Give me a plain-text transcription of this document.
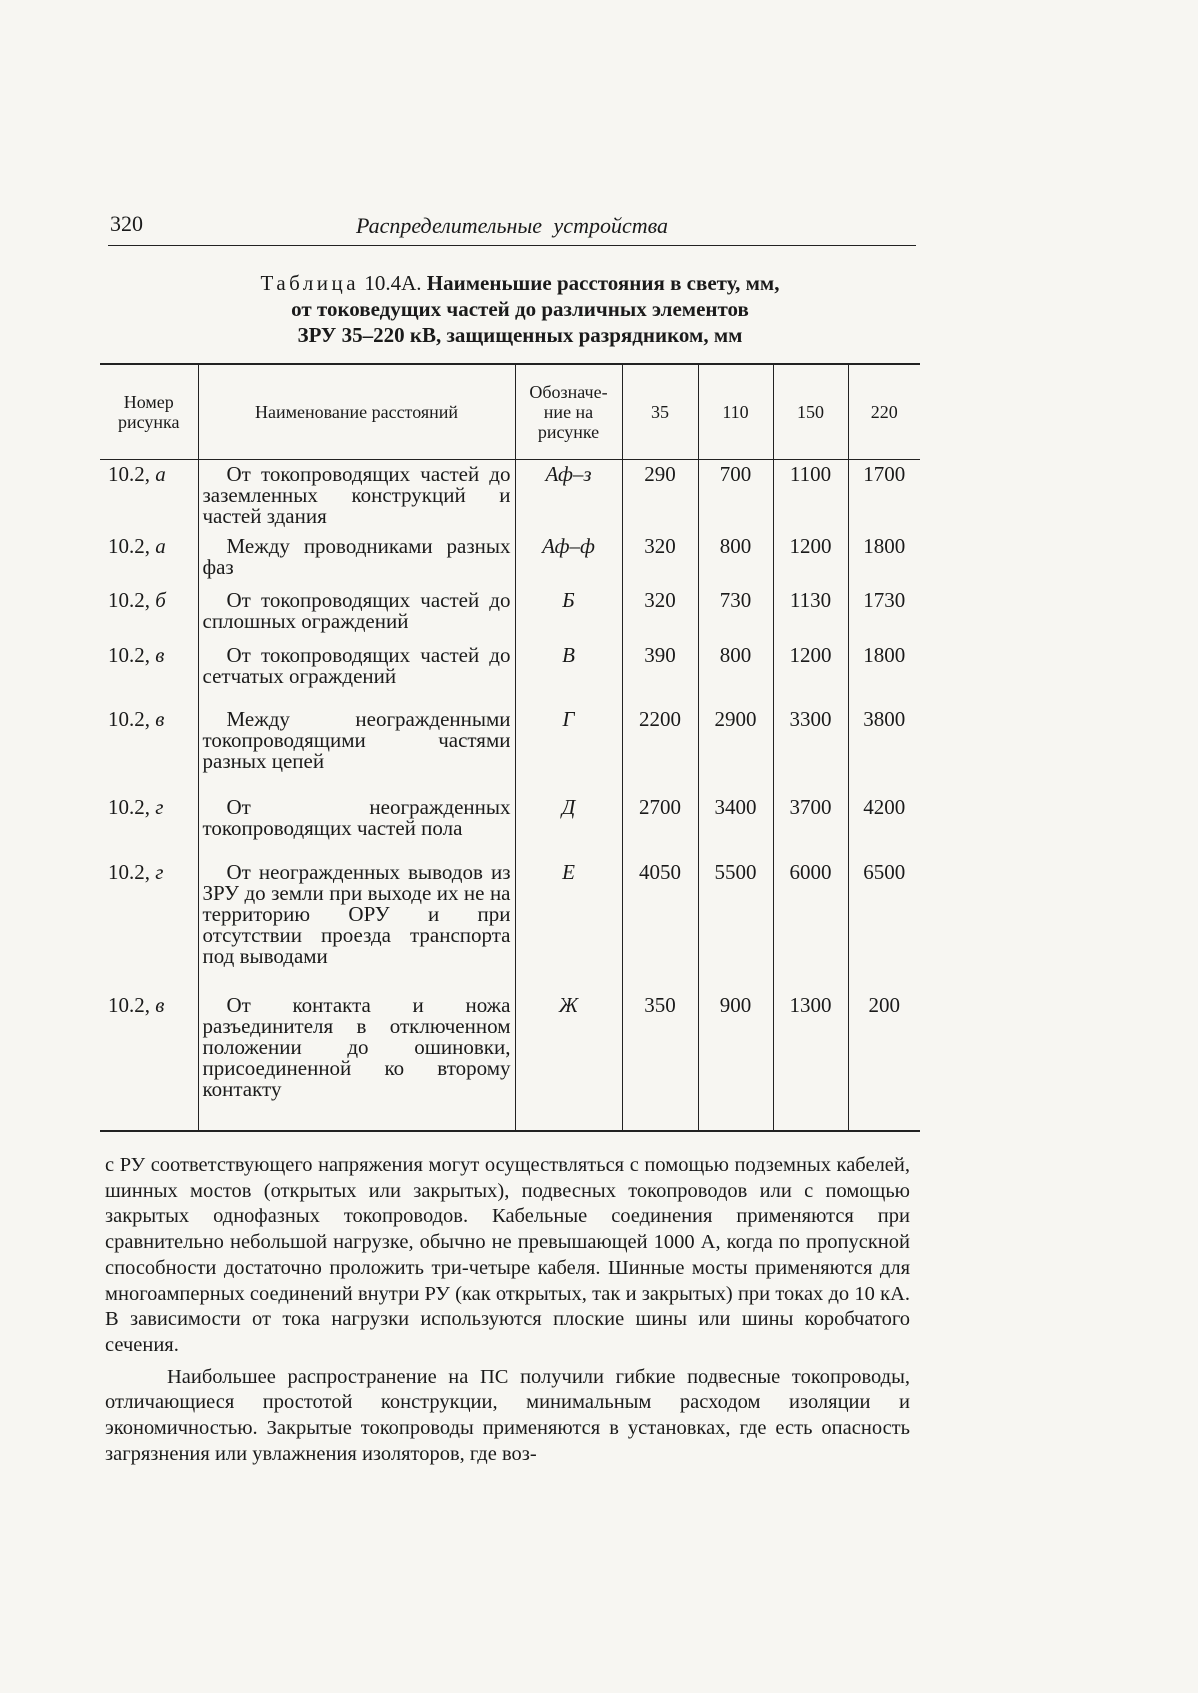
320	Распределительные устройства
Таблица 10.4А. Наименьшие расстояния в свету, мм,
от токоведущих частей до различных элементов
ЗРУ 35–220 кВ, защищенных разрядником, мм
Номер рисунка	Наименование расстояний	Обозначе-ние на рисунке	35	110	150	220
10.2, а	От токопроводящих частей до заземленных конструкций и частей здания	Аф–з	290	700	1100	1700
10.2, а	Между проводниками разных фаз	Аф–ф	320	800	1200	1800
10.2, б	От токопроводящих частей до сплошных ограждений	Б	320	730	1130	1730
10.2, в	От токопроводящих частей до сетчатых ограждений	В	390	800	1200	1800
10.2, в	Между неогражденными токопроводящими частями разных цепей	Г	2200	2900	3300	3800
10.2, г	От неогражденных токопроводящих частей пола	Д	2700	3400	3700	4200
10.2, г	От неогражденных выводов из ЗРУ до земли при выходе их не на территорию ОРУ и при отсутствии проезда транспорта под выводами	Е	4050	5500	6000	6500
10.2, в	От контакта и ножа разъединителя в отключенном положении до ошиновки, присоединенной ко второму контакту	Ж	350	900	1300	200

с РУ соответствующего напряжения могут осуществляться с помощью подземных кабелей, шинных мостов (открытых или закрытых), подвесных токопроводов или с помощью закрытых однофазных токопроводов. Кабельные соединения применяются при сравнительно небольшой нагрузке, обычно не превышающей 1000 А, когда по пропускной способности достаточно проложить три-четыре кабеля. Шинные мосты применяются для многоамперных соединений внутри РУ (как открытых, так и закрытых) при токах до 10 кА. В зависимости от тока нагрузки используются плоские шины или шины коробчатого сечения.

Наибольшее распространение на ПС получили гибкие подвесные токопроводы, отличающиеся простотой конструкции, минимальным расходом изоляции и экономичностью. Закрытые токопроводы применяются в установках, где есть опасность загрязнения или увлажнения изоляторов, где воз-
